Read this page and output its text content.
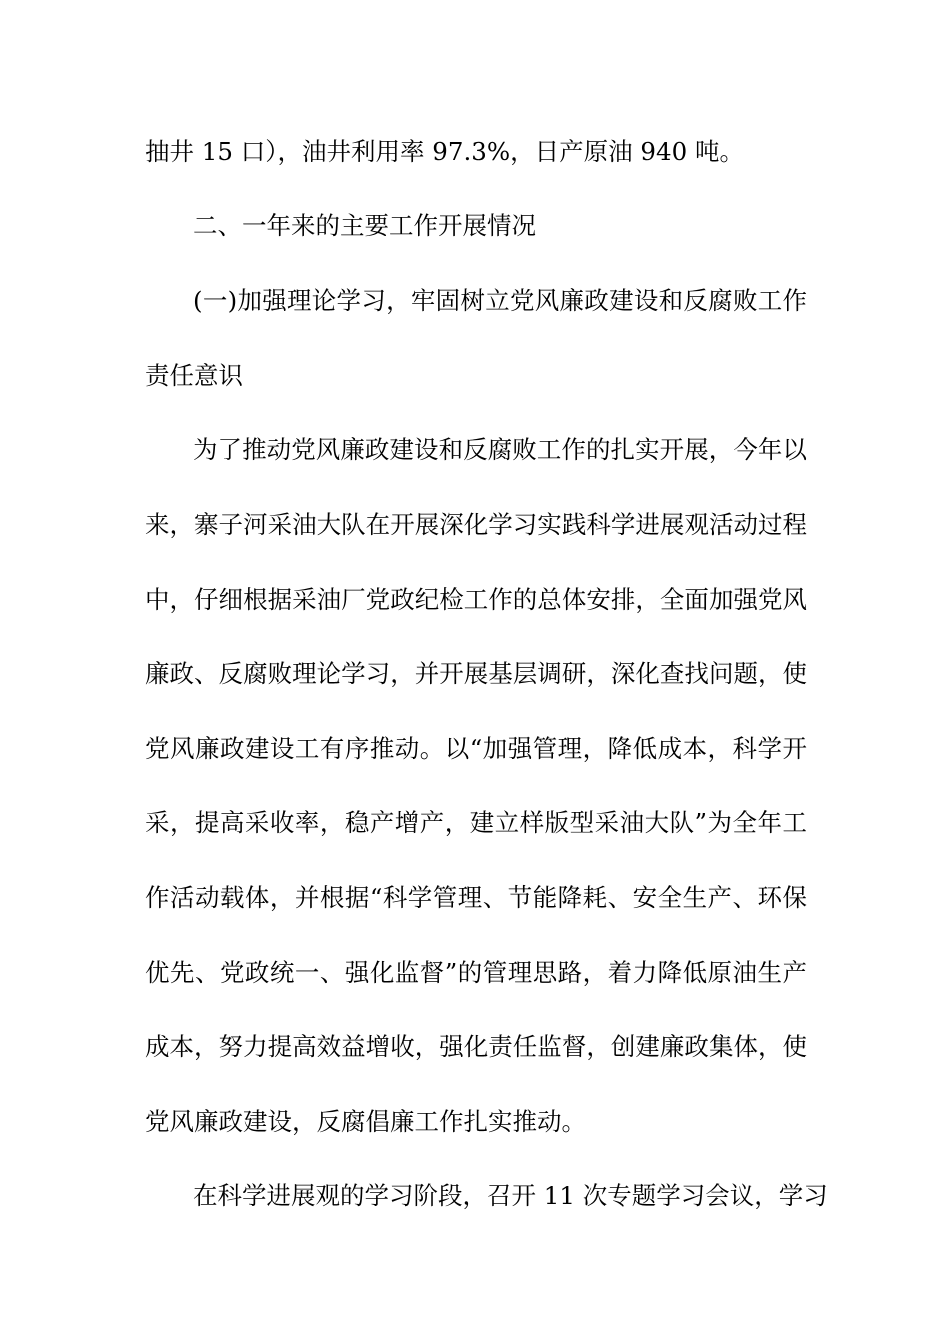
抽井 15 口），油井利用率 97.3%，日产原油 940 吨。
二、一年来的主要工作开展情况
(一)加强理论学习，牢固树立党风廉政建设和反腐败工作
责任意识
为了推动党风廉政建设和反腐败工作的扎实开展，今年以
来，寨子河采油大队在开展深化学习实践科学进展观活动过程
中，仔细根据采油厂党政纪检工作的总体安排，全面加强党风
廉政、反腐败理论学习，并开展基层调研，深化查找问题，使
党风廉政建设工有序推动。以“加强管理，降低成本，科学开
采，提高采收率，稳产增产，建立样版型采油大队”为全年工
作活动载体，并根据“科学管理、节能降耗、安全生产、环保
优先、党政统一、强化监督”的管理思路，着力降低原油生产
成本，努力提高效益增收，强化责任监督，创建廉政集体，使
党风廉政建设，反腐倡廉工作扎实推动。
在科学进展观的学习阶段，召开 11 次专题学习会议，学习
